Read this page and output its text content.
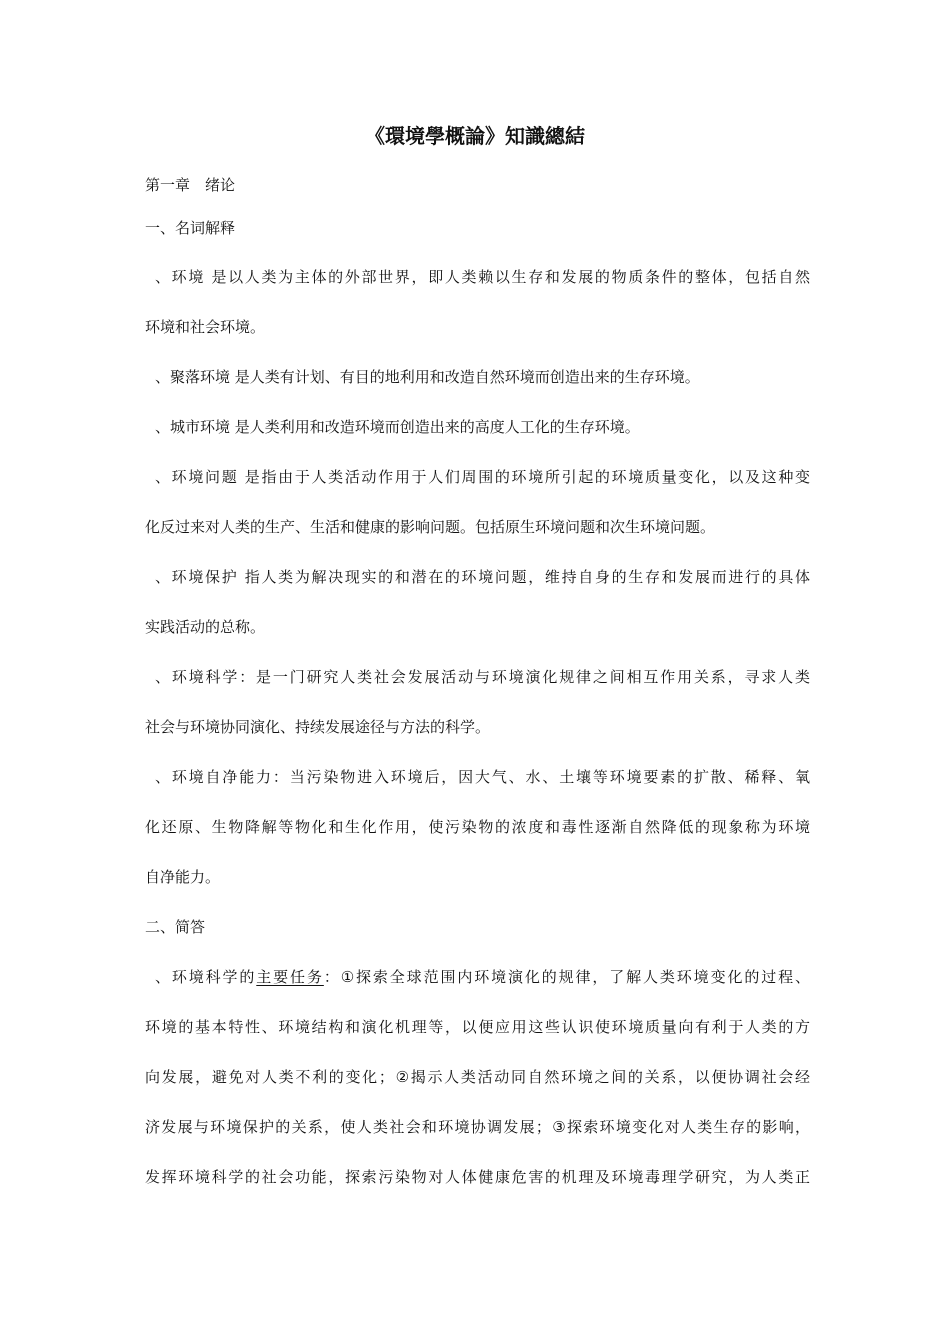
《環境學概論》知識總結
第一章　绪论
一、名词解释
、环境 是以人类为主体的外部世界，即人类赖以生存和发展的物质条件的整体，包括自然
环境和社会环境。
、聚落环境 是人类有计划、有目的地利用和改造自然环境而创造出来的生存环境。
、城市环境 是人类利用和改造环境而创造出来的高度人工化的生存环境。
、环境问题 是指由于人类活动作用于人们周围的环境所引起的环境质量变化，以及这种变
化反过来对人类的生产、生活和健康的影响问题。包括原生环境问题和次生环境问题。
、环境保护 指人类为解决现实的和潜在的环境问题，维持自身的生存和发展而进行的具体
实践活动的总称。
、环境科学：是一门研究人类社会发展活动与环境演化规律之间相互作用关系，寻求人类
社会与环境协同演化、持续发展途径与方法的科学。
、环境自净能力：当污染物进入环境后，因大气、水、土壤等环境要素的扩散、稀释、氧
化还原、生物降解等物化和生化作用，使污染物的浓度和毒性逐渐自然降低的现象称为环境
自净能力。
二、简答
、环境科学的主要任务：①探索全球范围内环境演化的规律，了解人类环境变化的过程、
环境的基本特性、环境结构和演化机理等，以便应用这些认识使环境质量向有利于人类的方
向发展，避免对人类不利的变化；②揭示人类活动同自然环境之间的关系，以便协调社会经
济发展与环境保护的关系，使人类社会和环境协调发展；③探索环境变化对人类生存的影响，
发挥环境科学的社会功能，探索污染物对人体健康危害的机理及环境毒理学研究，为人类正
